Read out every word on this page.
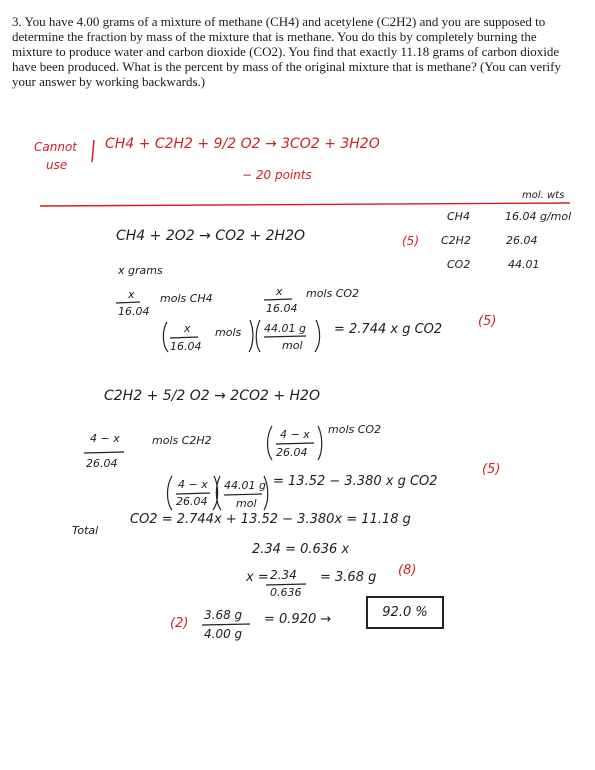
3. You have 4.00 grams of a mixture of methane (CH4) and acetylene (C2H2) and you are supposed to determine the fraction by mass of the mixture that is methane. You do this by completely burning the mixture to produce water and carbon dioxide (CO2). You find that exactly 11.18 grams of carbon dioxide have been produced. What is the percent by mass of the original mixture that is methane? (You can verify your answer by working backwards.)
Cannot
use
CH4 + C2H2 + 9/2 O2 → 3CO2 + 3H2O
− 20 points
mol. wts
CH4	16.04 g/mol
(5) C2H2	26.04
CO2	44.01
CH4 + 2O2 → CO2 + 2H2O
x grams
x
16.04
mols CH4
x
16.04
mols CO2
x
16.04
mols 44.01 g
mol
= 2.744 x g CO2
(5)
C2H2 + 5/2 O2 → 2CO2 + H2O
4 − x
26.04
mols C2H2	4 − x
26.04
mols CO2
4 − x
26.04
44.01 g
mol
= 13.52 − 3.380 x g CO2
(5)
Total
CO2 = 2.744x + 13.52 − 3.380x = 11.18 g
2.34 = 0.636 x
x = 2.34
0.636
= 3.68 g (8)
(2)
3.68 g
4.00 g
= 0.920 →	92.0 %
